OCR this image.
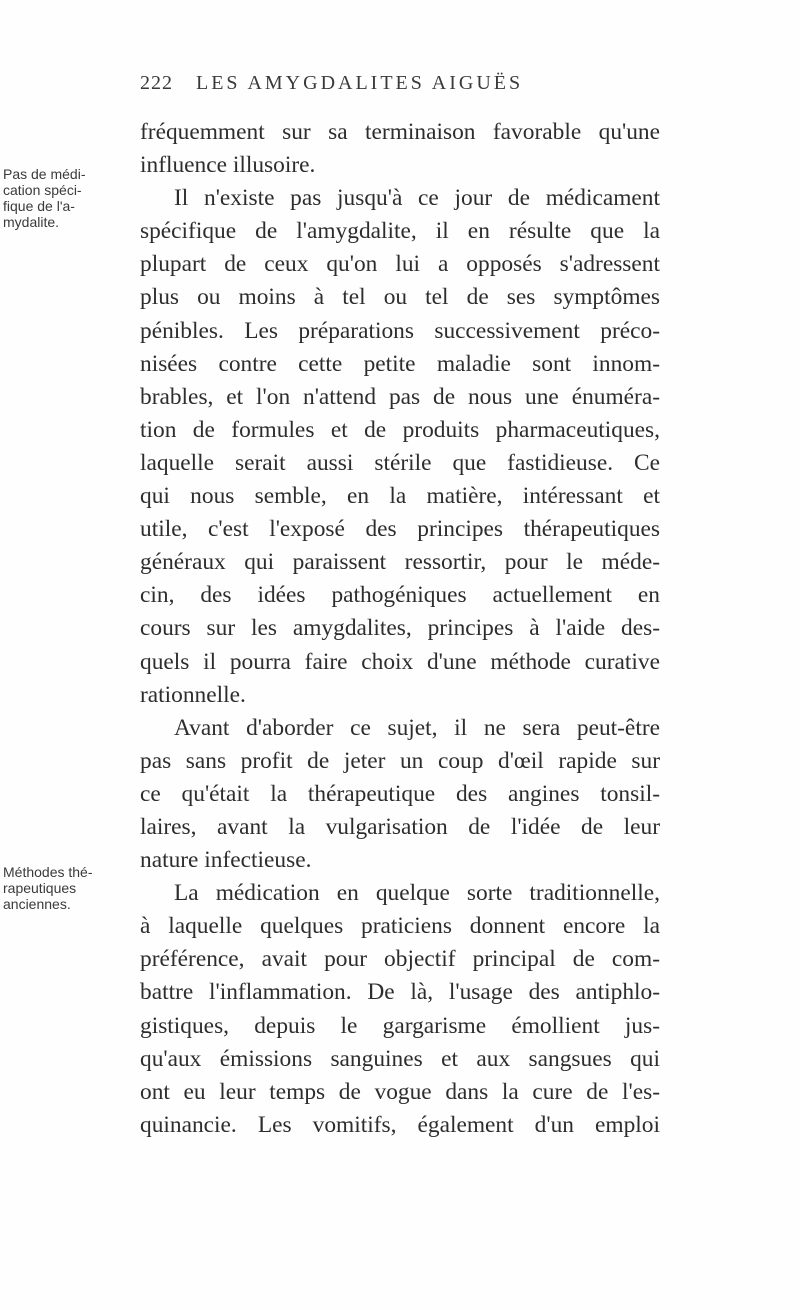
222 LES AMYGDALITES AIGUËS
Pas de médi-
cation spéci-
fique de l'a-
mydalite.
Méthodes thé-
rapeutiques
anciennes.
fréquemment sur sa terminaison favorable qu'une
influence illusoire.
Il n'existe pas jusqu'à ce jour de médicament
spécifique de l'amygdalite, il en résulte que la
plupart de ceux qu'on lui a opposés s'adressent
plus ou moins à tel ou tel de ses symptômes
pénibles. Les préparations successivement préco-
nisées contre cette petite maladie sont innom-
brables, et l'on n'attend pas de nous une énuméra-
tion de formules et de produits pharmaceutiques,
laquelle serait aussi stérile que fastidieuse. Ce
qui nous semble, en la matière, intéressant et
utile, c'est l'exposé des principes thérapeutiques
généraux qui paraissent ressortir, pour le méde-
cin, des idées pathogéniques actuellement en
cours sur les amygdalites, principes à l'aide des-
quels il pourra faire choix d'une méthode curative
rationnelle.
Avant d'aborder ce sujet, il ne sera peut-être
pas sans profit de jeter un coup d'œil rapide sur
ce qu'était la thérapeutique des angines tonsil-
laires, avant la vulgarisation de l'idée de leur
nature infectieuse.
La médication en quelque sorte traditionnelle,
à laquelle quelques praticiens donnent encore la
préférence, avait pour objectif principal de com-
battre l'inflammation. De là, l'usage des antiphlo-
gistiques, depuis le gargarisme émollient jus-
qu'aux émissions sanguines et aux sangsues qui
ont eu leur temps de vogue dans la cure de l'es-
quinancie. Les vomitifs, également d'un emploi
